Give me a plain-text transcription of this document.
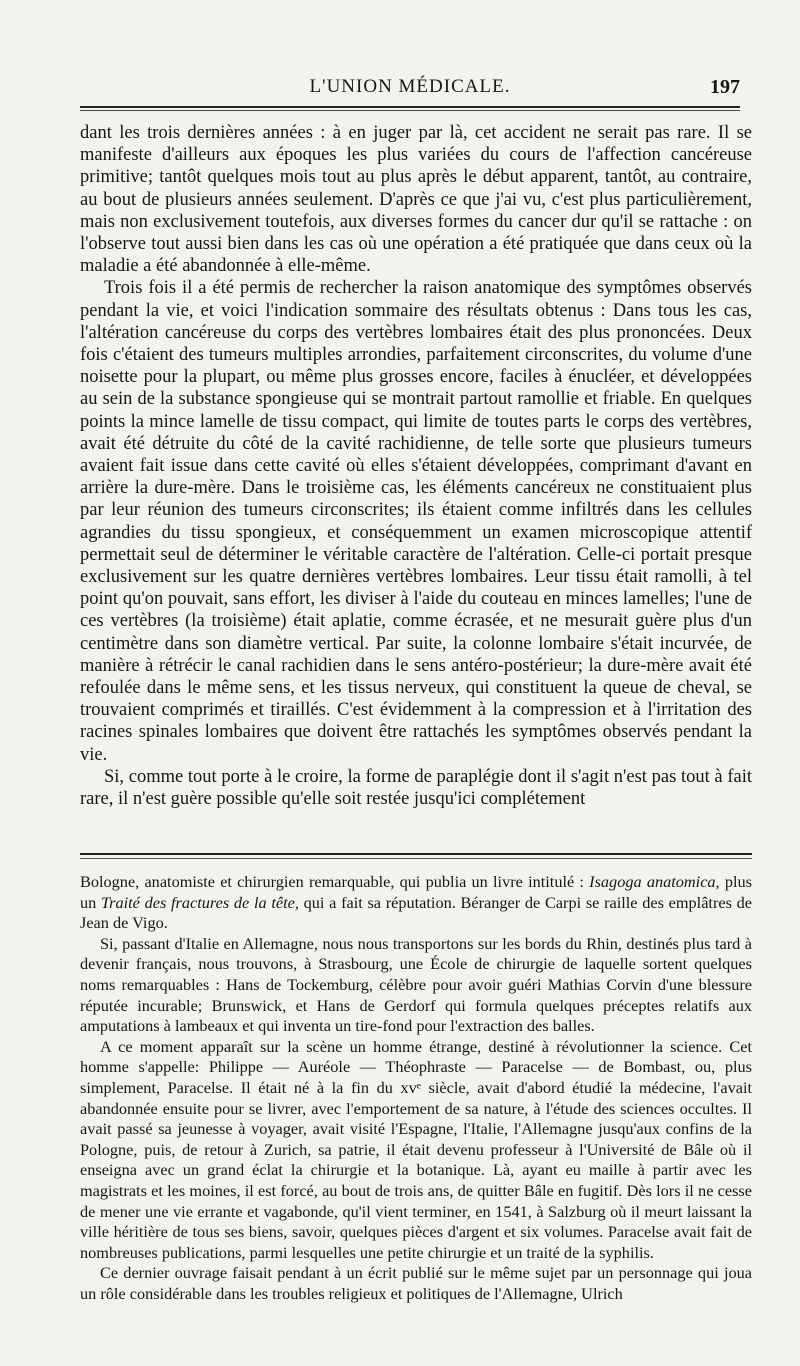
L'UNION MÉDICALE.	197

dant les trois dernières années : à en juger par là, cet accident ne serait pas rare. Il se manifeste d'ailleurs aux époques les plus variées du cours de l'affection cancéreuse primitive; tantôt quelques mois tout au plus après le début apparent, tantôt, au contraire, au bout de plusieurs années seulement. D'après ce que j'ai vu, c'est plus particulièrement, mais non exclusivement toutefois, aux diverses formes du cancer dur qu'il se rattache : on l'observe tout aussi bien dans les cas où une opération a été pratiquée que dans ceux où la maladie a été abandonnée à elle-même.

Trois fois il a été permis de rechercher la raison anatomique des symptômes observés pendant la vie, et voici l'indication sommaire des résultats obtenus : Dans tous les cas, l'altération cancéreuse du corps des vertèbres lombaires était des plus prononcées. Deux fois c'étaient des tumeurs multiples arrondies, parfaitement circonscrites, du volume d'une noisette pour la plupart, ou même plus grosses encore, faciles à énucléer, et développées au sein de la substance spongieuse qui se montrait partout ramollie et friable. En quelques points la mince lamelle de tissu compact, qui limite de toutes parts le corps des vertèbres, avait été détruite du côté de la cavité rachidienne, de telle sorte que plusieurs tumeurs avaient fait issue dans cette cavité où elles s'étaient développées, comprimant d'avant en arrière la dure-mère. Dans le troisième cas, les éléments cancéreux ne constituaient plus par leur réunion des tumeurs circonscrites; ils étaient comme infiltrés dans les cellules agrandies du tissu spongieux, et conséquemment un examen microscopique attentif permettait seul de déterminer le véritable caractère de l'altération. Celle-ci portait presque exclusivement sur les quatre dernières vertèbres lombaires. Leur tissu était ramolli, à tel point qu'on pouvait, sans effort, les diviser à l'aide du couteau en minces lamelles; l'une de ces vertèbres (la troisième) était aplatie, comme écrasée, et ne mesurait guère plus d'un centimètre dans son diamètre vertical. Par suite, la colonne lombaire s'était incurvée, de manière à rétrécir le canal rachidien dans le sens antéro-postérieur; la dure-mère avait été refoulée dans le même sens, et les tissus nerveux, qui constituent la queue de cheval, se trouvaient comprimés et tiraillés. C'est évidemment à la compression et à l'irritation des racines spinales lombaires que doivent être rattachés les symptômes observés pendant la vie.

Si, comme tout porte à le croire, la forme de paraplégie dont il s'agit n'est pas tout à fait rare, il n'est guère possible qu'elle soit restée jusqu'ici complétement

Bologne, anatomiste et chirurgien remarquable, qui publia un livre intitulé : Isagoga anatomica, plus un Traité des fractures de la tête, qui a fait sa réputation. Béranger de Carpi se raille des emplâtres de Jean de Vigo.

Si, passant d'Italie en Allemagne, nous nous transportons sur les bords du Rhin, destinés plus tard à devenir français, nous trouvons, à Strasbourg, une École de chirurgie de laquelle sortent quelques noms remarquables : Hans de Tockemburg, célèbre pour avoir guéri Mathias Corvin d'une blessure réputée incurable; Brunswick, et Hans de Gerdorf qui formula quelques préceptes relatifs aux amputations à lambeaux et qui inventa un tire-fond pour l'extraction des balles.

A ce moment apparaît sur la scène un homme étrange, destiné à révolutionner la science. Cet homme s'appelle: Philippe — Auréole — Théophraste — Paracelse — de Bombast, ou, plus simplement, Paracelse. Il était né à la fin du xvᵉ siècle, avait d'abord étudié la médecine, l'avait abandonnée ensuite pour se livrer, avec l'emportement de sa nature, à l'étude des sciences occultes. Il avait passé sa jeunesse à voyager, avait visité l'Espagne, l'Italie, l'Allemagne jusqu'aux confins de la Pologne, puis, de retour à Zurich, sa patrie, il était devenu professeur à l'Université de Bâle où il enseigna avec un grand éclat la chirurgie et la botanique. Là, ayant eu maille à partir avec les magistrats et les moines, il est forcé, au bout de trois ans, de quitter Bâle en fugitif. Dès lors il ne cesse de mener une vie errante et vagabonde, qu'il vient terminer, en 1541, à Salzburg où il meurt laissant la ville héritière de tous ses biens, savoir, quelques pièces d'argent et six volumes. Paracelse avait fait de nombreuses publications, parmi lesquelles une petite chirurgie et un traité de la syphilis.

Ce dernier ouvrage faisait pendant à un écrit publié sur le même sujet par un personnage qui joua un rôle considérable dans les troubles religieux et politiques de l'Allemagne, Ulrich
